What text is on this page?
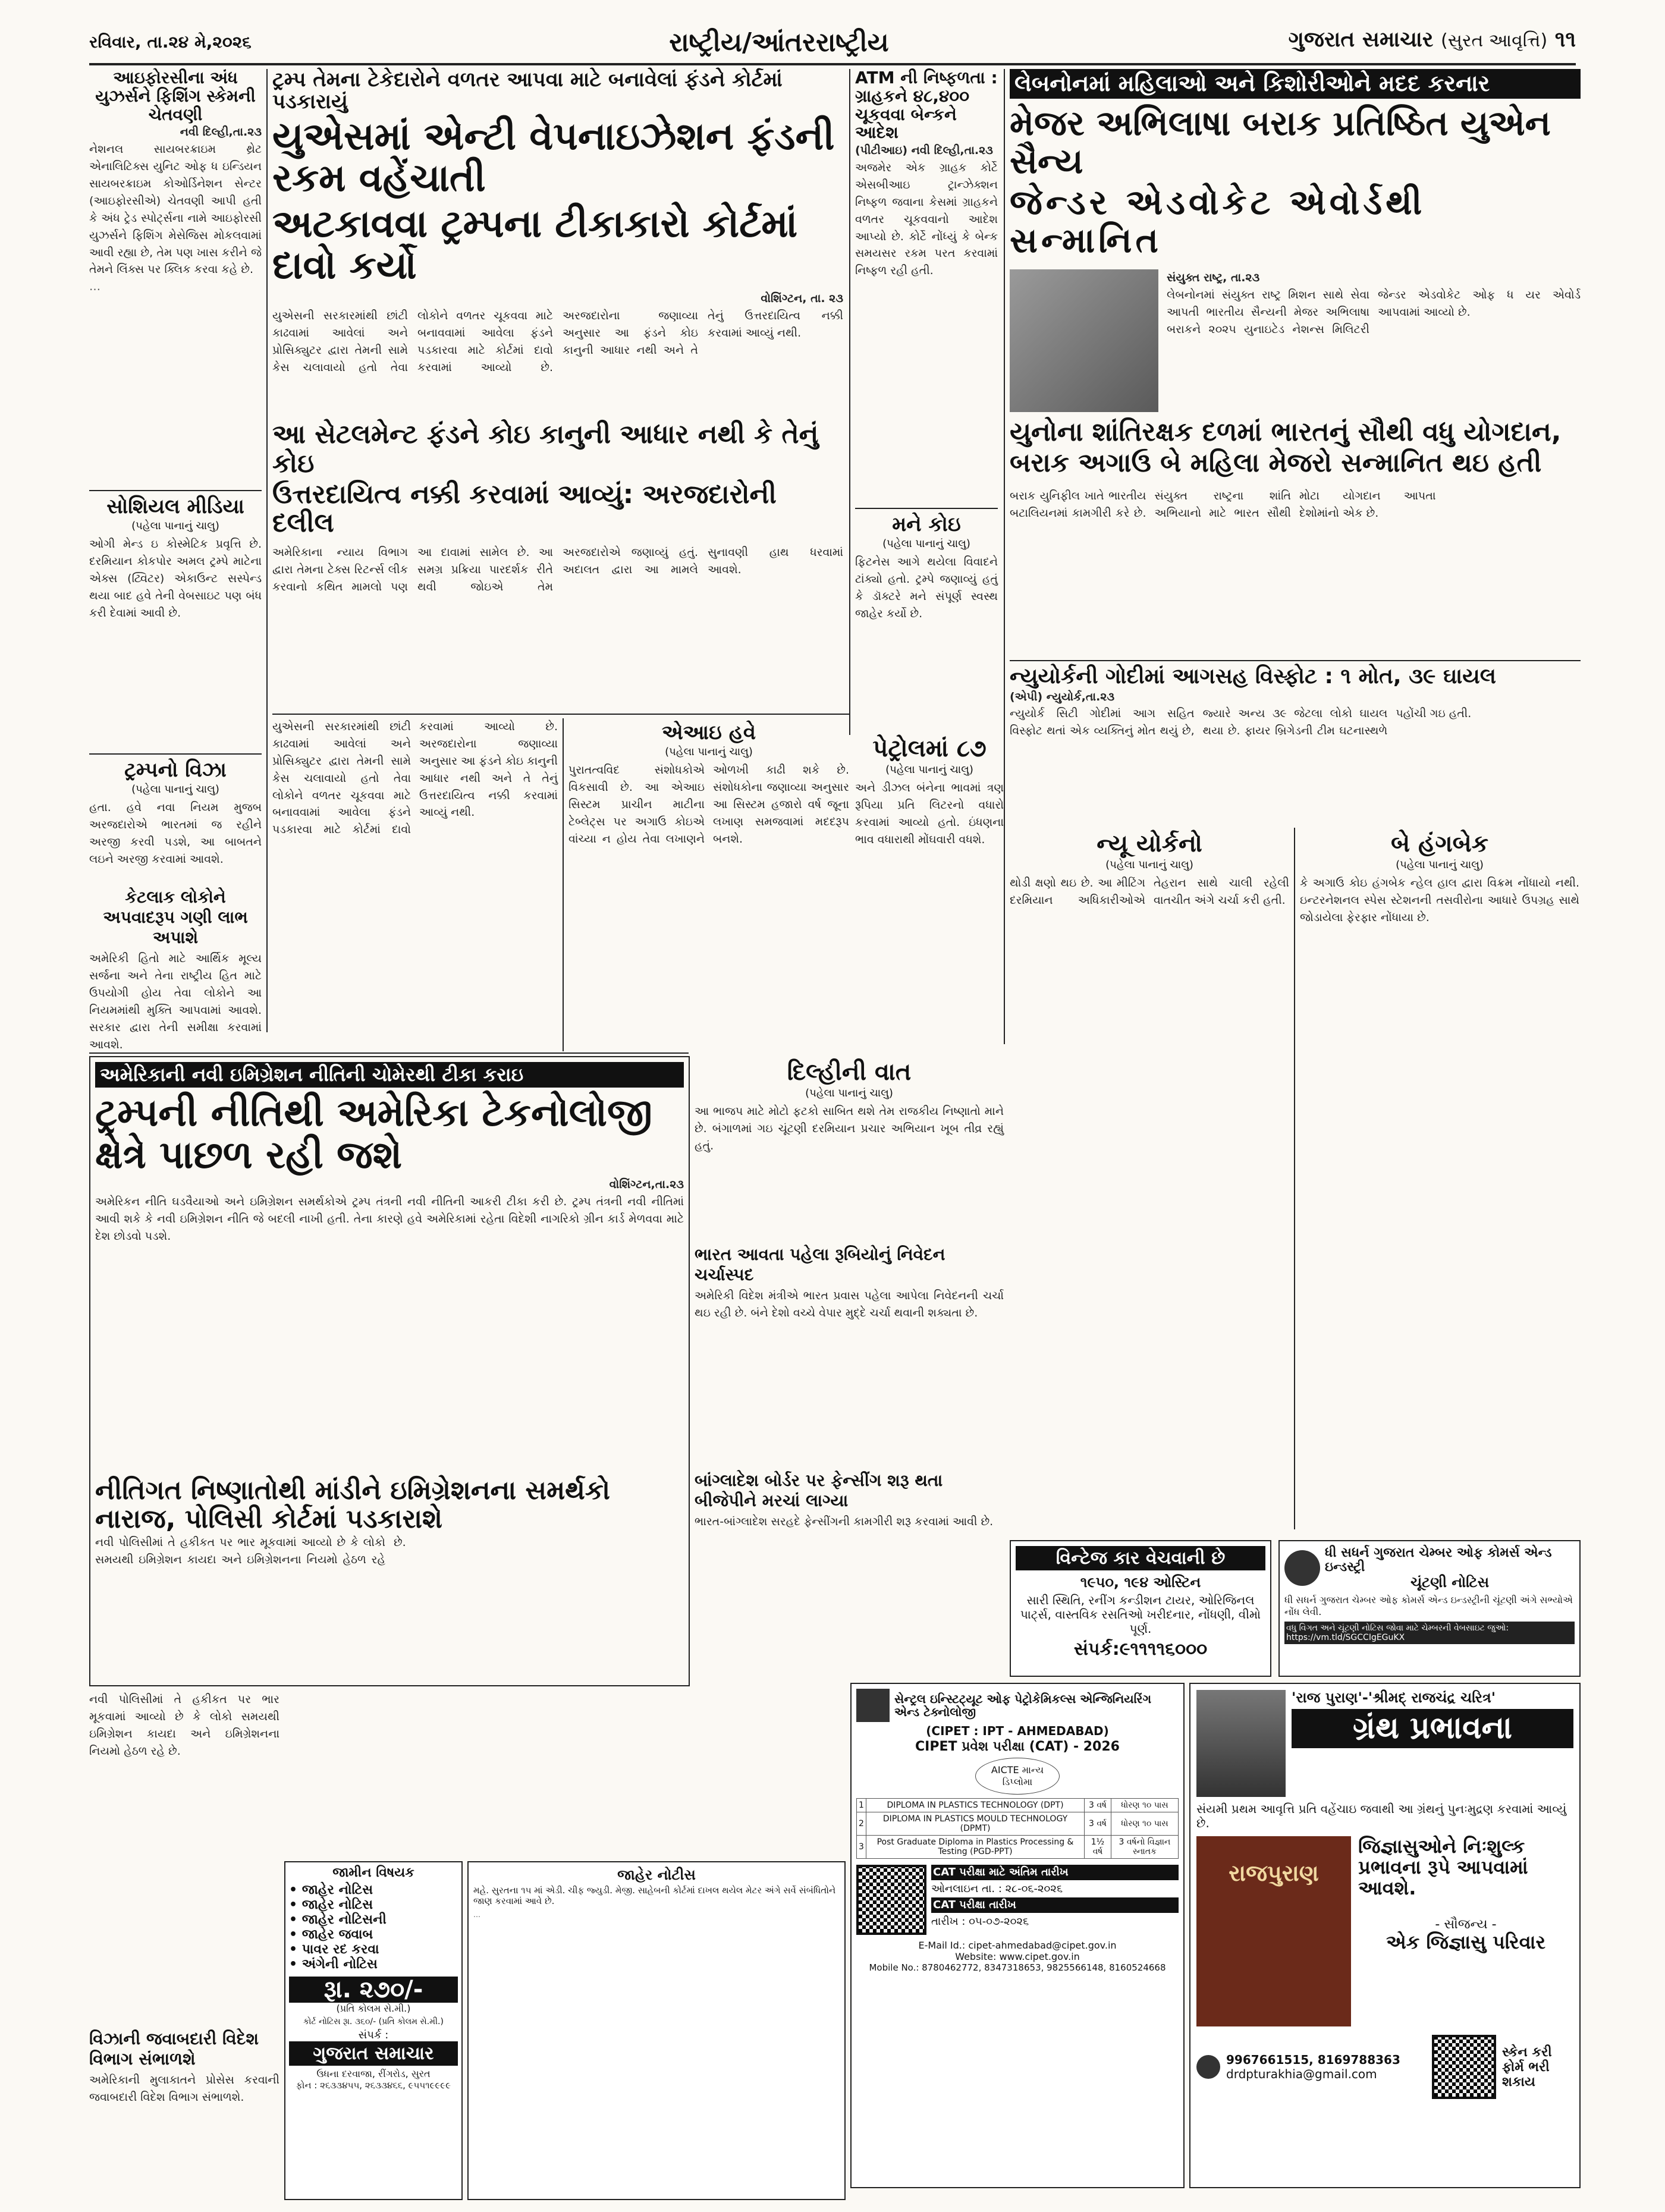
રવિવાર, તા.૨૪ મે,૨૦૨૬	રાષ્ટ્રીય/આંતરરાષ્ટ્રીય	ગુજરાત સમાચાર (સુરત આવૃત્તિ) ૧૧
આઇફોરસીના અંધ યુઝર્સને ફિશિંગ સ્કેમની ચેતવણી
નવી દિલ્હી,તા.૨૩
નેશનલ સાયબરક્રાઇમ થ્રેટ એનાલિટિક્સ યુનિટ ઓફ ધ ઇન્ડિયન સાયબરક્રાઇમ કોઓર્ડિનેશન સેન્ટર (આઇફોરસીએ) ચેતવણી આપી હતી કે અંધ ટ્રેડ સ્પોર્ટ્સના નામે આઇફોરસી યુઝર્સને ફિશિંગ મેસેજિસ મોકલવામાં આવી રહ્યા છે, તેમ પણ ખાસ કરીને જે તેમને લિંક્સ પર ક્લિક કરવા કહે છે.
…
સોશિયલ મીડિયા
(પહેલા પાનાનું ચાલુ)
ઓગી મેન્ડ ઇ કોસ્મેટિક પ્રવૃત્તિ છે. દરમિયાન કોકપોર અમલ ટ્રમ્પે માટેના એક્સ (ટ્વિટર) એકાઉન્ટ સસ્પેન્ડ થયા બાદ હવે તેની વેબસાઇટ પણ બંધ કરી દેવામાં આવી છે.
ટ્રમ્પનો વિઝા
(પહેલા પાનાનું ચાલુ)
હતા. હવે નવા નિયમ મુજબ અરજદારોએ ભારતમાં જ રહીને અરજી કરવી પડશે, આ બાબતને લઇને અરજી કરવામાં આવશે.
કેટલાક લોકોને અપવાદરૂપ ગણી લાભ અપાશે
અમેરિકી હિતો માટે આર્થિક મૂલ્ય સર્જના અને તેના રાષ્ટ્રીય હિત માટે ઉપયોગી હોય તેવા લોકોને આ નિયમમાંથી મુક્તિ આપવામાં આવશે. સરકાર દ્વારા તેની સમીક્ષા કરવામાં આવશે.
ટ્રમ્પ તેમના ટેકેદારોને વળતર આપવા માટે બનાવેલાં ફંડને કોર્ટમાં પડકારાયું
યુએસમાં એન્ટી વેપનાઇઝેશન ફંડની રકમ વહેંચાતી
અટકાવવા ટ્રમ્પના ટીકાકારો કોર્ટમાં દાવો કર્યો
વોશિંગ્ટન, તા. ૨૩
યુએસની સરકારમાંથી છાંટી કાઢવામાં આવેલાં અને પ્રોસિક્યુટર દ્વારા તેમની સામે કેસ ચલાવાયો હતો તેવા લોકોને વળતર ચૂકવવા માટે બનાવવામાં આવેલા ફંડને પડકારવા માટે કોર્ટમાં દાવો કરવામાં આવ્યો છે. અરજદારોના જણાવ્યા અનુસાર આ ફંડને કોઇ કાનુની આધાર નથી અને તે તેનું ઉત્તરદાયિત્વ નક્કી કરવામાં આવ્યું નથી.
આ સેટલમેન્ટ ફંડને કોઇ કાનુની આધાર નથી કે તેનું કોઇ
ઉત્તરદાયિત્વ નક્કી કરવામાં આવ્યું: અરજદારોની દલીલ
અમેરિકાના ન્યાય વિભાગ દ્વારા તેમના ટેક્સ રિટર્ન્સ લીક કરવાનો કથિત મામલો પણ આ દાવામાં સામેલ છે. આ સમગ્ર પ્રક્રિયા પારદર્શક રીતે થવી જોઇએ તેમ અરજદારોએ જણાવ્યું હતું. અદાલત દ્વારા આ મામલે સુનાવણી હાથ ધરવામાં આવશે.
ATM ની નિષ્ફળતા : ગ્રાહકને ૪૮,૪૦૦ ચૂકવવા બેન્કને આદેશ
(પીટીઆઇ) નવી દિલ્હી,તા.૨૩
અજમેર એક ગ્રાહક કોર્ટે એસબીઆઇ ટ્રાન્ઝેક્શન નિષ્ફળ જવાના કેસમાં ગ્રાહકને વળતર ચૂકવવાનો આદેશ આપ્યો છે. કોર્ટે નોંધ્યું કે બેન્ક સમયસર રકમ પરત કરવામાં નિષ્ફળ રહી હતી.
મને કોઇ
(પહેલા પાનાનું ચાલુ)
ફિટનેસ આગે થયેલા વિવાદને ટાંક્યો હતો. ટ્રમ્પે જણાવ્યું હતું કે ડૉક્ટરે મને સંપૂર્ણ સ્વસ્થ જાહેર કર્યો છે.
લેબનોનમાં મહિલાઓ અને કિશોરીઓને મદદ કરનાર
મેજર અભિલાષા બરાક પ્રતિષ્ઠિત યુએન સૈન્ય
જેન્ડર એડવોકેટ એવોર્ડથી સન્માનિત
સંયુક્ત રાષ્ટ્ર, તા.૨૩
લેબનોનમાં સંયુક્ત રાષ્ટ્ર મિશન સાથે સેવા આપતી ભારતીય સૈન્યની મેજર અભિલાષા બરાકને ૨૦૨૫ યુનાઇટેડ નેશન્સ મિલિટરી જેન્ડર એડવોકેટ ઓફ ધ યર એવોર્ડ આપવામાં આવ્યો છે.
યુનોના શાંતિરક્ષક દળમાં ભારતનું સૌથી વધુ યોગદાન,
બરાક અગાઉ બે મહિલા મેજરો સન્માનિત થઇ હતી
બરાક યુનિફીલ ખાતે ભારતીય બટાલિયનમાં કામગીરી કરે છે. સંયુક્ત રાષ્ટ્રના શાંતિ અભિયાનો માટે ભારત સૌથી મોટા યોગદાન આપતા દેશોમાંનો એક છે.
ન્યુયોર્કની ગોદીમાં આગસહ વિસ્ફોટ : ૧ મોત, ૩૯ ઘાયલ
(એપી) ન્યુયોર્ક,તા.૨૩
ન્યુયોર્ક સિટી ગોદીમાં આગ સહિત વિસ્ફોટ થતાં એક વ્યક્તિનું મોત થયું છે, જ્યારે અન્ય ૩૯ જેટલા લોકો ઘાયલ થયા છે. ફાયર બ્રિગેડની ટીમ ઘટનાસ્થળે પહોંચી ગઇ હતી.
યુએસની સરકારમાંથી છાંટી કાઢવામાં આવેલાં અને પ્રોસિક્યુટર દ્વારા તેમની સામે કેસ ચલાવાયો હતો તેવા લોકોને વળતર ચૂકવવા માટે બનાવવામાં આવેલા ફંડને પડકારવા માટે કોર્ટમાં દાવો કરવામાં આવ્યો છે. અરજદારોના જણાવ્યા અનુસાર આ ફંડને કોઇ કાનુની આધાર નથી અને તે તેનું ઉત્તરદાયિત્વ નક્કી કરવામાં આવ્યું નથી.
એઆઇ હવે
(પહેલા પાનાનું ચાલુ)
પુરાતત્વવિદ સંશોધકોએ વિકસાવી છે. આ એઆઇ સિસ્ટમ પ્રાચીન માટીના ટેબ્લેટ્સ પર અગાઉ કોઇએ વાંચ્યા ન હોય તેવા લખાણને ઓળખી કાઢી શકે છે. સંશોધકોના જણાવ્યા અનુસાર આ સિસ્ટમ હજારો વર્ષ જૂના લખાણ સમજવામાં મદદરૂપ બનશે.
પેટ્રોલમાં ૮૭
(પહેલા પાનાનું ચાલુ)
અને ડીઝલ બંનેના ભાવમાં ત્રણ રૂપિયા પ્રતિ લિટરનો વધારો કરવામાં આવ્યો હતો. ઇંધણના ભાવ વધારાથી મોંઘવારી વધશે.	ન્યૂ યોર્કનો
(પહેલા પાનાનું ચાલુ)
થોડી ક્ષણો થઇ છે. આ મીટિંગ દરમિયાન અધિકારીઓએ તેહરાન સાથે ચાલી રહેલી વાતચીત અંગે ચર્ચા કરી હતી.
બે હંગબેક
(પહેલા પાનાનું ચાલુ)
કે અગાઉ કોઇ હંગબેક ન્હેલ હાલ દ્વારા વિક્રમ નોંધાયો નથી. ઇન્ટરનેશનલ સ્પેસ સ્ટેશનની તસવીરોના આધારે ઉપગ્રહ સાથે જોડાયેલા ફેરફાર નોંધાયા છે.
અમેરિકાની નવી ઇમિગ્રેશન નીતિની ચોમેરથી ટીકા કરાઇ
ટ્રમ્પની નીતિથી અમેરિકા ટેકનોલોજી ક્ષેત્રે પાછળ રહી જશે
વોશિંગ્ટન,તા.૨૩
અમેરિકન નીતિ ઘડવૈયાઓ અને ઇમિગ્રેશન સમર્થકોએ ટ્રમ્પ તંત્રની નવી નીતિની આકરી ટીકા કરી છે. ટ્રમ્પ તંત્રની નવી નીતિમાં આવી શકે કે નવી ઇમિગ્રેશન નીતિ જે બદલી નાખી હતી. તેના કારણે હવે અમેરિકામાં રહેતા વિદેશી નાગરિકો ગ્રીન કાર્ડ મેળવવા માટે દેશ છોડવો પડશે.
નીતિગત નિષ્ણાતોથી માંડીને ઇમિગ્રેશનના સમર્થકો નારાજ, પોલિસી કોર્ટમાં પડકારાશે
નવી પોલિસીમાં તે હકીકત પર ભાર મૂકવામાં આવ્યો છે કે લોકો સમયથી ઇમિગ્રેશન કાયદા અને ઇમિગ્રેશનના નિયમો હેઠળ રહે છે.
નવી પોલિસીમાં તે હકીકત પર ભાર મૂકવામાં આવ્યો છે કે લોકો સમયથી ઇમિગ્રેશન કાયદા અને ઇમિગ્રેશનના નિયમો હેઠળ રહે છે.
વિઝાની જવાબદારી વિદેશ વિભાગ સંભાળશે
અમેરિકાની મુલાકાતને પ્રોસેસ કરવાની જવાબદારી વિદેશ વિભાગ સંભાળશે.
દિલ્હીની વાત
(પહેલા પાનાનું ચાલુ)
આ ભાજપ માટે મોટો ફટકો સાબિત થશે તેમ રાજકીય નિષ્ણાતો માને છે. બંગાળમાં ગઇ ચૂંટણી દરમિયાન પ્રચાર અભિયાન ખૂબ તીવ્ર રહ્યું હતું.
ભારત આવતા પહેલા રૂબિયોનું નિવેદન ચર્ચાસ્પદ
અમેરિકી વિદેશ મંત્રીએ ભારત પ્રવાસ પહેલા આપેલા નિવેદનની ચર્ચા થઇ રહી છે. બંને દેશો વચ્ચે વેપાર મુદ્દે ચર્ચા થવાની શક્યતા છે.
બાંગ્લાદેશ બોર્ડર પર ફેન્સીંગ શરૂ થતા બીજેપીને મરચાં લાગ્યા
ભારત-બાંગ્લાદેશ સરહદે ફેન્સીંગની કામગીરી શરૂ કરવામાં આવી છે.
વિન્ટેજ કાર વેચવાની છે
૧૯૫૦, ૧૯૪ ઓસ્ટિન
સારી સ્થિતિ, રનીંગ કન્ડીશન ટાયર, ઓરિજિનલ પાર્ટ્સ, વાસ્તવિક રસતિઓ ખરીદનાર, નોંધણી, વીમો પૂર્ણ.
સંપર્ક:૯૧૧૧૧૬૦૦૦
ધી સધર્ન ગુજરાત ચેમ્બર ઓફ કોમર્સ એન્ડ ઇન્ડસ્ટ્રી
ચૂંટણી નોટિસ
ધી સધર્ન ગુજરાત ચેમ્બર ઓફ કોમર્સ એન્ડ ઇન્ડસ્ટ્રીની ચૂંટણી અંગે સભ્યોએ નોંધ લેવી.
વધુ વિગત અને ચૂંટણી નોટિસ જોવા માટે ચેમ્બરની વેબસાઇટ જુઓ: https://vm.tld/SGCCIgEGuKX
'રાજ પુરાણ'-'શ્રીમદ્ રાજચંદ્ર ચરિત્ર'
ગ્રંથ પ્રભાવના
સંયમી પ્રથમ આવૃત્તિ પ્રતિ વહેંચાઇ જવાથી આ ગ્રંથનું પુનઃમુદ્રણ કરવામાં આવ્યું છે.
રાજપુરાણ
જિજ્ઞાસુઓને નિઃશુલ્ક પ્રભાવના રૂપે આપવામાં આવશે.
- સૌજન્ય -
એક જિજ્ઞાસુ પરિવાર
9967661515, 8169788363
drdpturakhia@gmail.com
સ્કેન કરી ફોર્મ ભરી શકાય
સેન્ટ્રલ ઇન્સ્ટિટ્યૂટ ઓફ પેટ્રોકેમિકલ્સ એન્જિનિયરિંગ એન્ડ ટેક્નોલોજી
(CIPET : IPT - AHMEDABAD)
CIPET પ્રવેશ પરીક્ષા (CAT) - 2026
AICTE માન્ય ડિપ્લોમા
1	DIPLOMA IN PLASTICS TECHNOLOGY (DPT)	3 વર્ષ	ધોરણ ૧૦ પાસ
2	DIPLOMA IN PLASTICS MOULD TECHNOLOGY (DPMT)	3 વર્ષ	ધોરણ ૧૦ પાસ
3	Post Graduate Diploma in Plastics Processing & Testing (PGD-PPT)	1½ વર્ષ	3 વર્ષનો વિજ્ઞાન સ્નાતક
CAT પરીક્ષા માટે અંતિમ તારીખ
ઓનલાઇન તા. : ૨૮-૦૬-૨૦૨૬
CAT પરીક્ષા તારીખ
તારીખ : ૦૫-૦૭-૨૦૨૬
E-Mail Id.: cipet-ahmedabad@cipet.gov.in
Website: www.cipet.gov.in
Mobile No.: 8780462772, 8347318653, 9825566148, 8160524668
જામીન વિષયક
• જાહેર નોટિસ
• જાહેર નોટિસ
• જાહેર નોટિસની
• જાહેર જવાબ
• પાવર રદ કરવા
• અંગેની નોટિસ
રૂા. ૨૭૦/-
(પ્રતિ કોલમ સે.મી.)
કોર્ટ નોટિસ રૂા. ૩૬૦/- (પ્રતિ કોલમ સે.મી.)
સંપર્ક :
ગુજરાત સમાચાર
ઉધના દરવાજા, રીંગરોડ, સુરત
ફોન : ૨૬૩૩૪૫૫, ૨૬૩૩૪૬૬, ૯૫૫૧૯૯૯૯
જાહેર નોટીસ
મહે. સુરતના ૧૫ માં એડી. ચીફ જ્યુડી. મેજી. સાહેબની કોર્ટમાં દાખલ થયેલ મેટર અંગે સર્વે સંબંધિતોને જાણ કરવામાં આવે છે.
…
